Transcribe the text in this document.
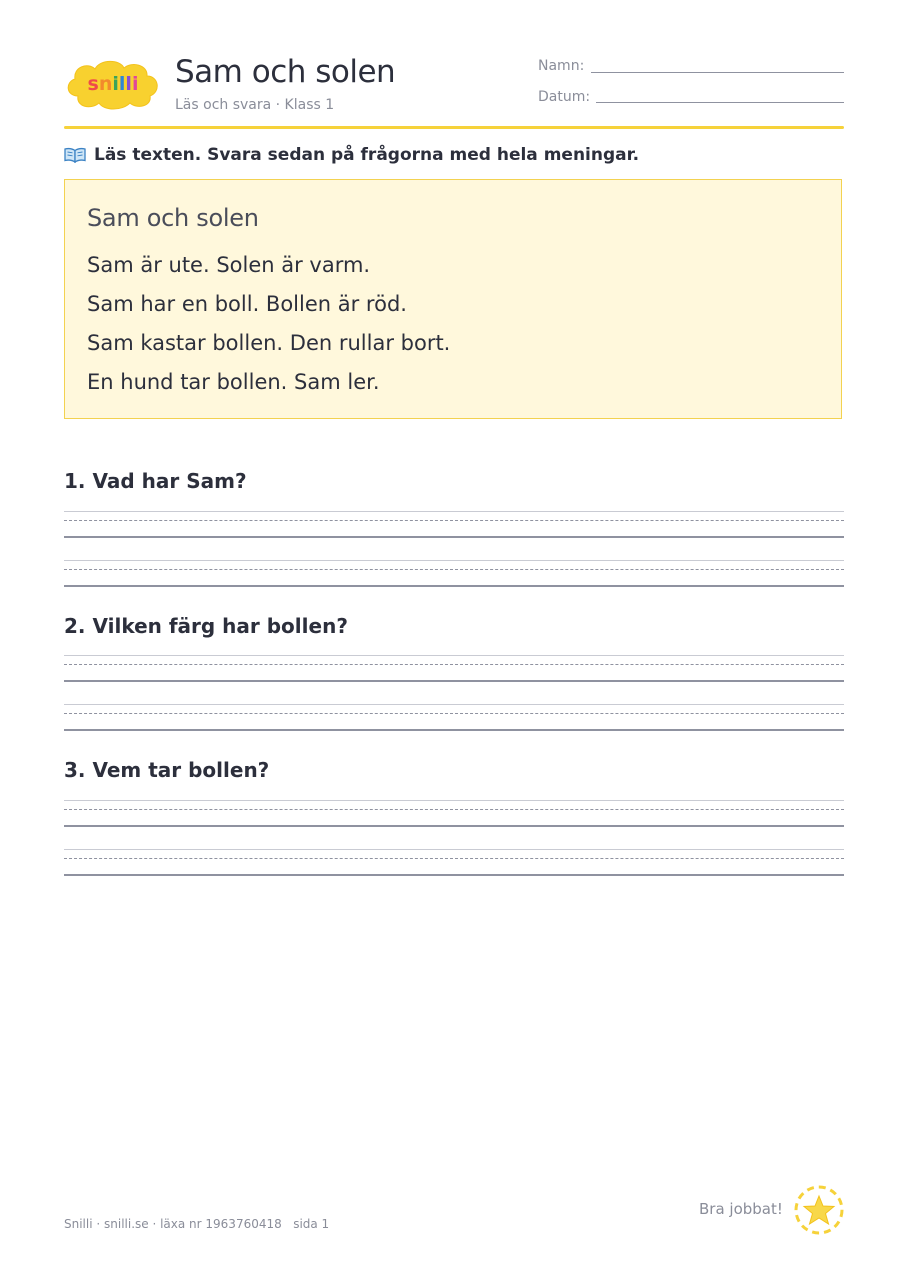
snilli Sam och solen
Läs och svara · Klass 1
Namn:
Datum:
Läs texten. Svara sedan på frågorna med hela meningar.
Sam och solen
Sam är ute. Solen är varm.
Sam har en boll. Bollen är röd.
Sam kastar bollen. Den rullar bort.
En hund tar bollen. Sam ler.
1. Vad har Sam?
2. Vilken färg har bollen?
3. Vem tar bollen?
Snilli · snilli.se · läxa nr 1963760418   sida 1
Bra jobbat!
